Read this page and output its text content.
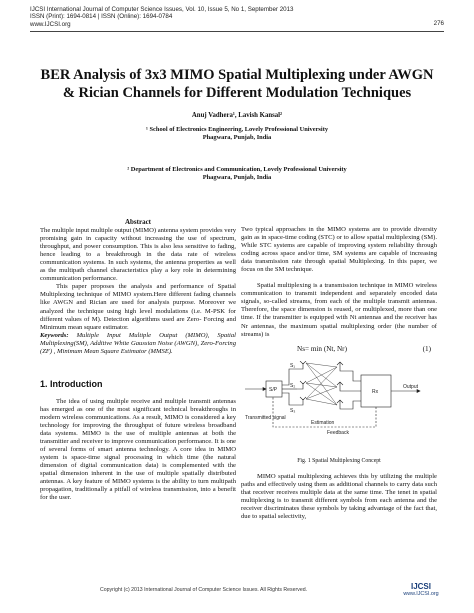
IJCSI International Journal of Computer Science Issues, Vol. 10, Issue 5, No 1, September 2013
ISSN (Print): 1694-0814 | ISSN (Online): 1694-0784
www.IJCSI.org	276
BER Analysis of 3x3 MIMO Spatial Multiplexing under AWGN
& Rician Channels for Different Modulation Techniques
Anuj Vadhera¹, Lavish Kansal²
¹ School of Electronics Engineering, Lovely Professional University
Phagwara, Punjab, India
² Department of Electronics and Communication, Lovely Professional University
Phagwara, Punjab, India

Abstract

The multiple input multiple output (MIMO) antenna system provides very promising gain in capacity without increasing the use of spectrum, throughput, and power consumption. This is also less sensitive to fading, hence leading to a breakthrough in the data rate of wireless communication systems. In such systems, the antenna properties as well as the multipath channel characteristics play a key role in determining communication performance.

This paper proposes the analysis and performance of Spatial Multiplexing technique of MIMO system.Here different fading channels like AWGN and Rician are used for analysis purpose. Moreover we analyzed the technique using high level modulations (i.e. M-PSK for different values of M). Detection algorithms used are Zero- Forcing and Minimum mean square estimator.

Keywords: Multiple Input Multiple Output (MIMO), Spatial Multiplexing(SM), Additive White Gaussian Noise (AWGN), Zero-Forcing (ZF) , Minimum Mean Square Estimator (MMSE).

1. Introduction

The idea of using multiple receive and multiple transmit antennas has emerged as one of the most significant technical breakthroughs in modern wireless communications. As a result, MIMO is considered a key technology for improving the throughput of future wireless broadband data systems. MIMO is the use of multiple antennas at both the transmitter and receiver to improve communication performance. It is one of several forms of smart antenna technology. A core idea in MIMO system is space-time signal processing in which time (the natural dimension of digital communication data) is complemented with the spatial dimension inherent in the use of multiple spatially distributed antennas. A key feature of MIMO systems is the ability to turn multipath propagation, traditionally a pitfall of wireless transmission, into a benefit for the user.

Two typical approaches in the MIMO systems are to provide diversity gain as in space-time coding (STC) or to allow spatial multiplexing (SM). While STC systems are capable of improving system reliability through coding across space and/or time, SM systems are capable of increasing data transmission rate through spatial Multiplexing. In this paper, we focus on the SM technique.

Spatial multiplexing is a transmission technique in MIMO wireless communication to transmit independent and separately encoded data signals, so-called streams, from each of the multiple transmit antennas. Therefore, the space dimension is reused, or multiplexed, more than one time. If the transmitter is equipped with Nt antennas and the receiver has Nr antennas, the maximum spatial multiplexing order (the number of streams) is

Ns= min (Nt, Nr)	(1)
S/P
S₁
S₂
S₃
Rx
Output
Estimation
Feedback
Transmitted signal

Fig. 1 Spatial Multiplexing Concept

MIMO spatial multiplexing achieves this by utilizing the multiple paths and effectively using them as additional channels to carry data such that receiver receives multiple data at the same time. The tenet in spatial multiplexing is to transmit different symbols from each antenna and the receiver discriminates these symbols by taking advantage of the fact that, due to spatial selectivity,

Copyright (c) 2013 International Journal of Computer Science Issues. All Rights Reserved.	IJCSI
www.IJCSI.org
